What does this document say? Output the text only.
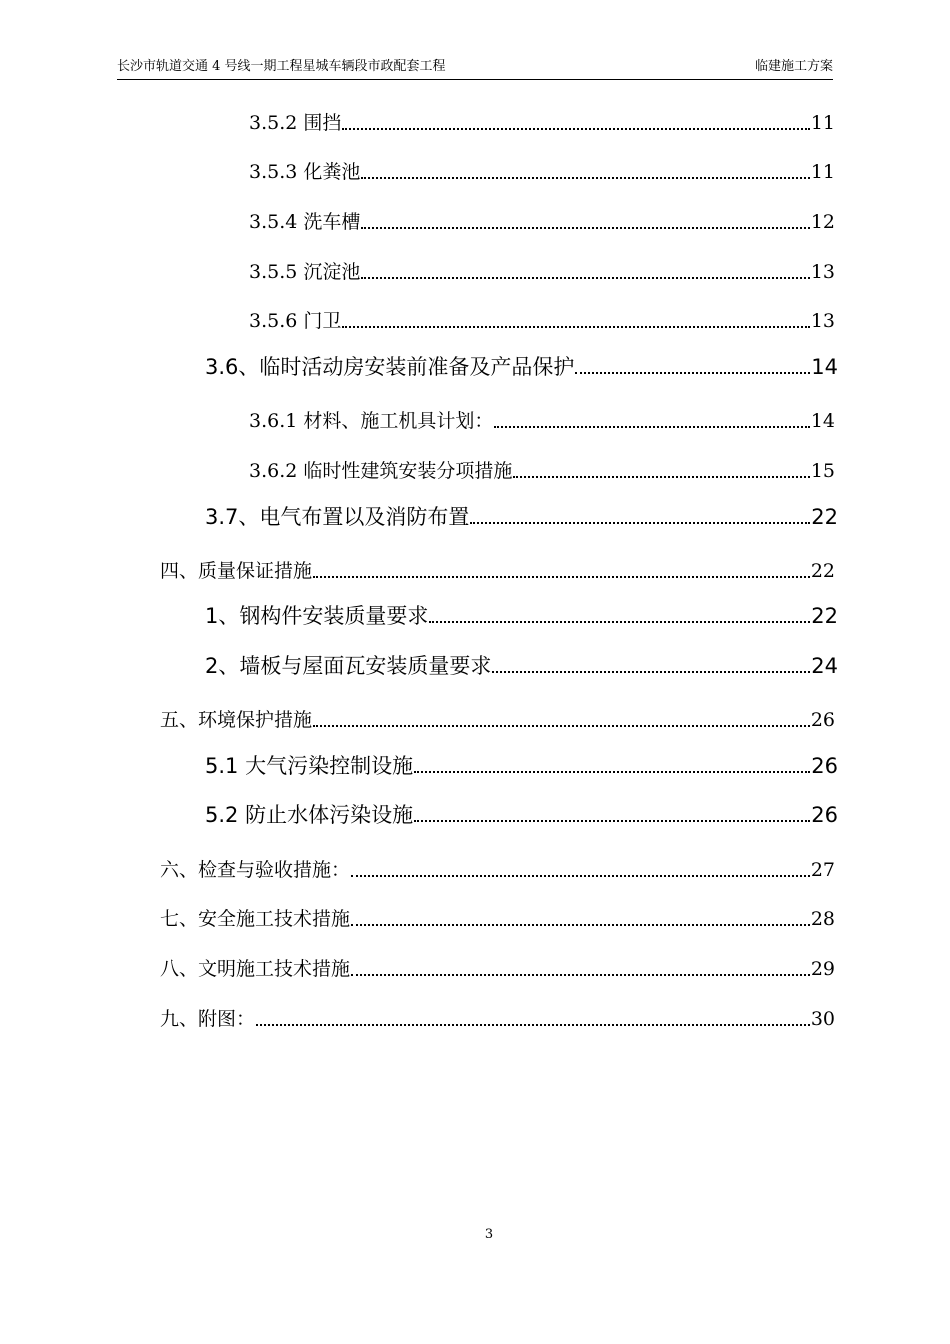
长沙市轨道交通 4 号线一期工程星城车辆段市政配套工程	临建施工方案
3.5.2 围挡	11
3.5.3 化粪池	11
3.5.4 洗车槽	12
3.5.5 沉淀池	13
3.5.6 门卫	13
3.6、临时活动房安装前准备及产品保护	14
3.6.1 材料、施工机具计划：	14
3.6.2 临时性建筑安装分项措施	15
3.7、电气布置以及消防布置	22
四、质量保证措施	22
1、钢构件安装质量要求	22
2、墙板与屋面瓦安装质量要求	24
五、环境保护措施	26
5.1 大气污染控制设施	26
5.2 防止水体污染设施	26
六、检查与验收措施：	27
七、安全施工技术措施	28
八、文明施工技术措施	29
九、附图：	30
3
